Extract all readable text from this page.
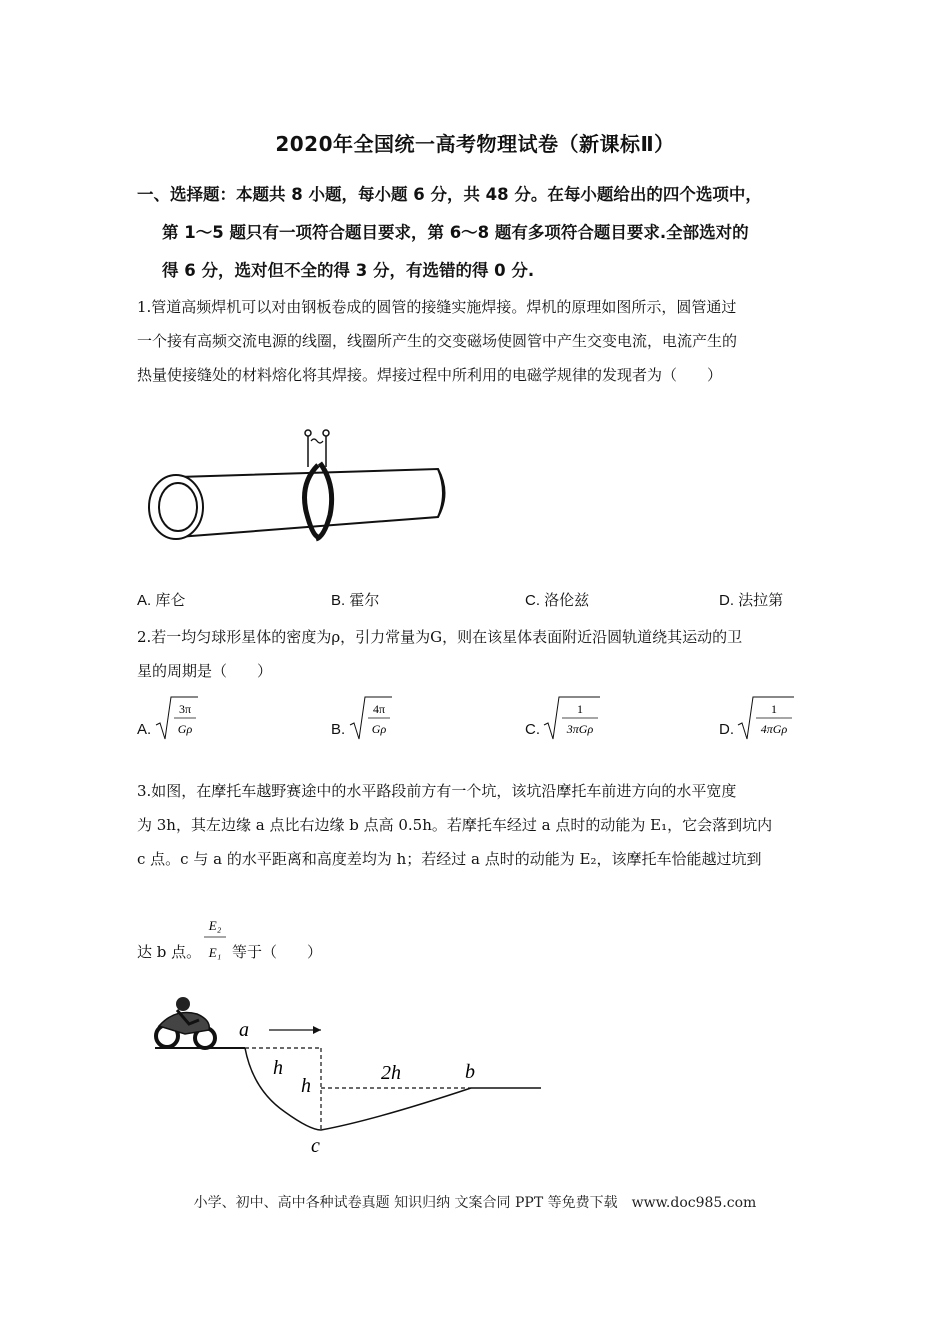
2020年全国统一高考物理试卷（新课标Ⅱ）
一、选择题：本题共 8 小题，每小题 6 分，共 48 分。在每小题给出的四个选项中，
第 1～5 题只有一项符合题目要求，第 6～8 题有多项符合题目要求.全部选对的
得 6 分，选对但不全的得 3 分，有选错的得 0 分.
1.管道高频焊机可以对由钢板卷成的圆管的接缝实施焊接。焊机的原理如图所示，圆管通过
一个接有高频交流电源的线圈，线圈所产生的交变磁场使圆管中产生交变电流，电流产生的
热量使接缝处的材料熔化将其焊接。焊接过程中所利用的电磁学规律的发现者为（　　）
A. 库仑	B. 霍尔	C. 洛伦兹	D. 法拉第
2.若一均匀球形星体的密度为ρ，引力常量为G，则在该星体表面附近沿圆轨道绕其运动的卫
星的周期是（　　）
A.
3π
Gρ	B.
4π
Gρ	C.
1
3πGρ	D.
1
4πGρ
3.如图，在摩托车越野赛途中的水平路段前方有一个坑，该坑沿摩托车前进方向的水平宽度
为 3h，其左边缘 a 点比右边缘 b 点高 0.5h。若摩托车经过 a 点时的动能为 E₁，它会落到坑内
c 点。c 与 a 的水平距离和高度差均为 h；若经过 a 点时的动能为 E₂，该摩托车恰能越过坑到
达 b 点。
E₂
E₁ 等于（　　）
a
h
h
2h	b
c
小学、初中、高中各种试卷真题 知识归纳 文案合同 PPT 等免费下载　www.doc985.com
